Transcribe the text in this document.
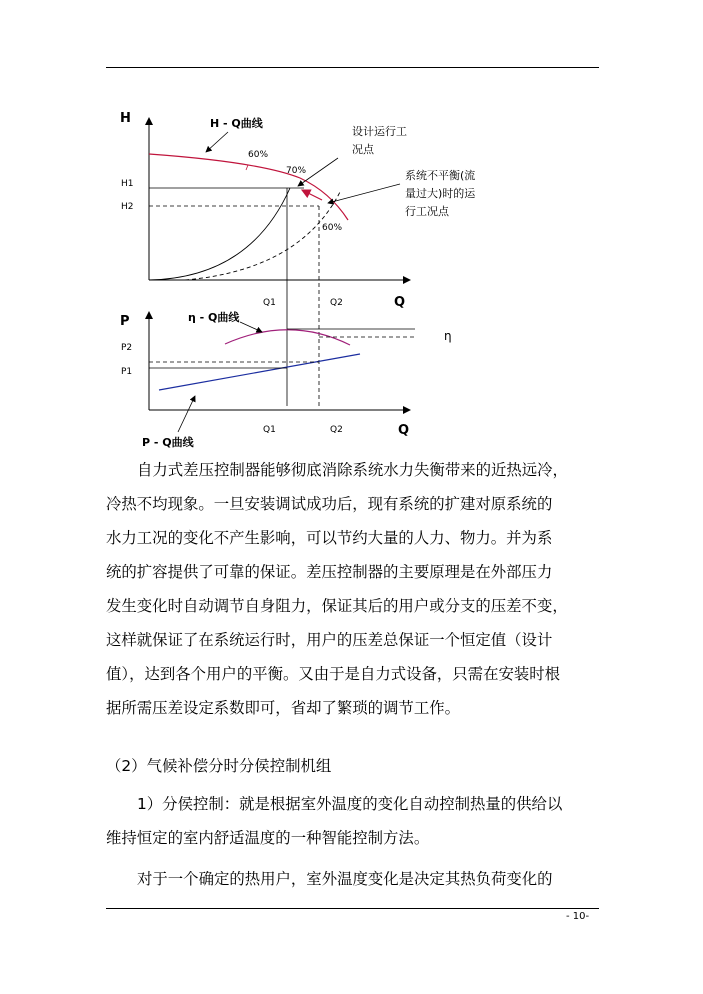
H
Q
H - Q曲线
60%
70%
60%
H1
H2
Q1	Q2
设计运行工
况点
系统不平衡(流
量过大)时的运
行工况点
P
Q
η - Q曲线
η
P - Q曲线
P1
P2
Q1	Q2

自力式差压控制器能够彻底消除系统水力失衡带来的近热远冷，

冷热不均现象。一旦安装调试成功后，现有系统的扩建对原系统的

水力工况的变化不产生影响，可以节约大量的人力、物力。并为系

统的扩容提供了可靠的保证。差压控制器的主要原理是在外部压力

发生变化时自动调节自身阻力，保证其后的用户或分支的压差不变，

这样就保证了在系统运行时，用户的压差总保证一个恒定值（设计

值），达到各个用户的平衡。又由于是自力式设备，只需在安装时根

据所需压差设定系数即可，省却了繁琐的调节工作。

（2）气候补偿分时分侯控制机组

1）分侯控制：就是根据室外温度的变化自动控制热量的供给以

维持恒定的室内舒适温度的一种智能控制方法。

对于一个确定的热用户，室外温度变化是决定其热负荷变化的

- 10-
